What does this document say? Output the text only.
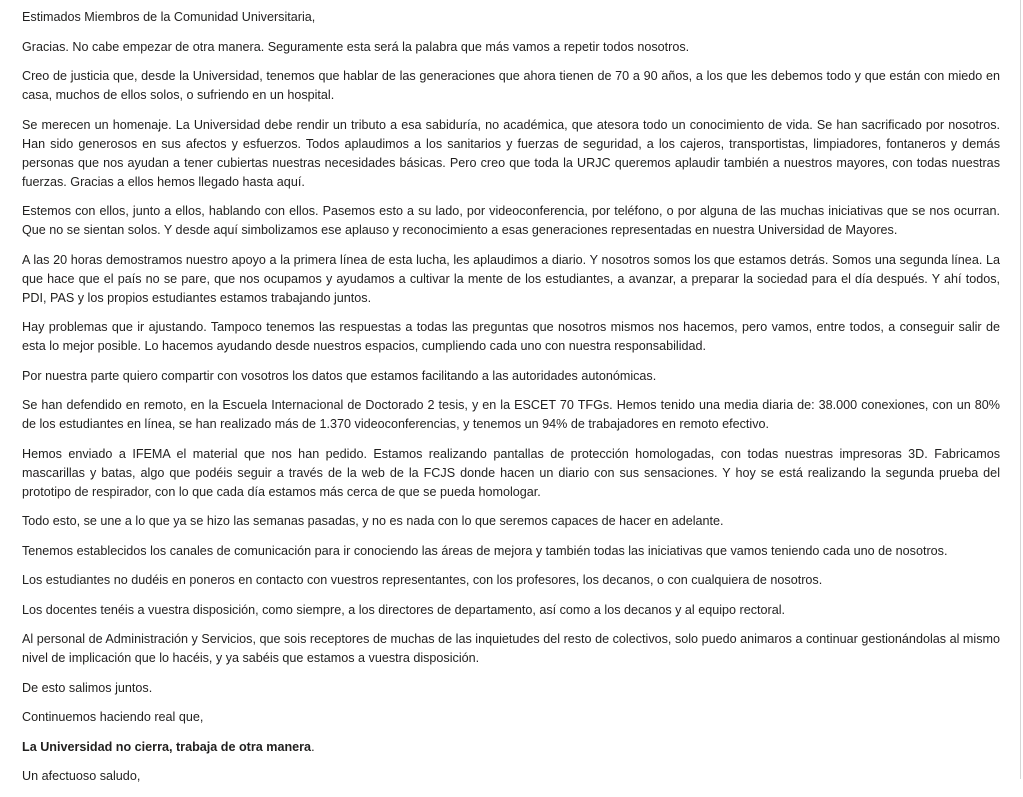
Estimados Miembros de la Comunidad Universitaria,

Gracias. No cabe empezar de otra manera. Seguramente esta será la palabra que más vamos a repetir todos nosotros.

Creo de justicia que, desde la Universidad, tenemos que hablar de las generaciones que ahora tienen de 70 a 90 años, a los que les debemos todo y que están con miedo en casa, muchos de ellos solos, o sufriendo en un hospital.

Se merecen un homenaje. La Universidad debe rendir un tributo a esa sabiduría, no académica, que atesora todo un conocimiento de vida. Se han sacrificado por nosotros. Han sido generosos en sus afectos y esfuerzos. Todos aplaudimos a los sanitarios y fuerzas de seguridad, a los cajeros, transportistas, limpiadores, fontaneros y demás personas que nos ayudan a tener cubiertas nuestras necesidades básicas. Pero creo que toda la URJC queremos aplaudir también a nuestros mayores, con todas nuestras fuerzas. Gracias a ellos hemos llegado hasta aquí.

Estemos con ellos, junto a ellos, hablando con ellos. Pasemos esto a su lado, por videoconferencia, por teléfono, o por alguna de las muchas iniciativas que se nos ocurran. Que no se sientan solos. Y desde aquí simbolizamos ese aplauso y reconocimiento a esas generaciones representadas en nuestra Universidad de Mayores.

A las 20 horas demostramos nuestro apoyo a la primera línea de esta lucha, les aplaudimos a diario. Y nosotros somos los que estamos detrás. Somos una segunda línea. La que hace que el país no se pare, que nos ocupamos y ayudamos a cultivar la mente de los estudiantes, a avanzar, a preparar la sociedad para el día después. Y ahí todos, PDI, PAS y los propios estudiantes estamos trabajando juntos.

Hay problemas que ir ajustando. Tampoco tenemos las respuestas a todas las preguntas que nosotros mismos nos hacemos, pero vamos, entre todos, a conseguir salir de esta lo mejor posible. Lo hacemos ayudando desde nuestros espacios, cumpliendo cada uno con nuestra responsabilidad.

Por nuestra parte quiero compartir con vosotros los datos que estamos facilitando a las autoridades autonómicas.

Se han defendido en remoto, en la Escuela Internacional de Doctorado 2 tesis, y en la ESCET 70 TFGs. Hemos tenido una media diaria de: 38.000 conexiones, con un 80% de los estudiantes en línea, se han realizado más de 1.370 videoconferencias, y tenemos un 94% de trabajadores en remoto efectivo.

Hemos enviado a IFEMA el material que nos han pedido. Estamos realizando pantallas de protección homologadas, con todas nuestras impresoras 3D. Fabricamos mascarillas y batas, algo que podéis seguir a través de la web de la FCJS donde hacen un diario con sus sensaciones. Y hoy se está realizando la segunda prueba del prototipo de respirador, con lo que cada día estamos más cerca de que se pueda homologar.

Todo esto, se une a lo que ya se hizo las semanas pasadas, y no es nada con lo que seremos capaces de hacer en adelante.

Tenemos establecidos los canales de comunicación para ir conociendo las áreas de mejora y también todas las iniciativas que vamos teniendo cada uno de nosotros.

Los estudiantes no dudéis en poneros en contacto con vuestros representantes, con los profesores, los decanos, o con cualquiera de nosotros.

Los docentes tenéis a vuestra disposición, como siempre, a los directores de departamento, así como a los decanos y al equipo rectoral.

Al personal de Administración y Servicios, que sois receptores de muchas de las inquietudes del resto de colectivos, solo puedo animaros a continuar gestionándolas al mismo nivel de implicación que lo hacéis, y ya sabéis que estamos a vuestra disposición.

De esto salimos juntos.

Continuemos haciendo real que,

La Universidad no cierra, trabaja de otra manera.

Un afectuoso saludo,
